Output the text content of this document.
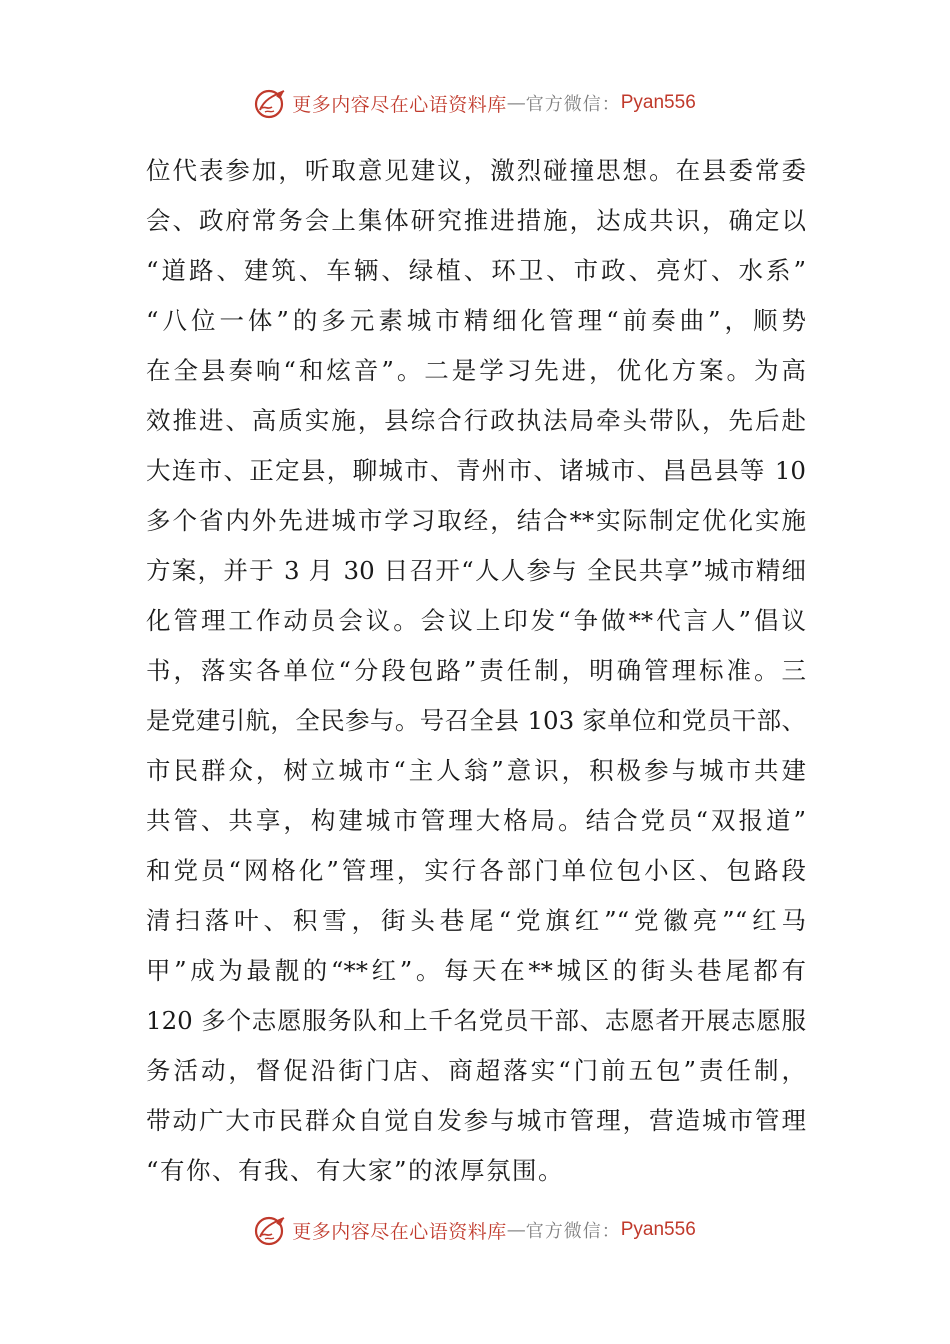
更多内容尽在心语资料库 — 官方微信： Pyan556
位代表参加，听取意见建议，激烈碰撞思想。在县委常委
会、政府常务会上集体研究推进措施，达成共识，确定以
“道路、建筑、车辆、绿植、环卫、市政、亮灯、水系”
“八位一体”的多元素城市精细化管理“前奏曲”，顺势
在全县奏响“和炫音”。二是学习先进，优化方案。为高
效推进、高质实施，县综合行政执法局牵头带队，先后赴
大连市、正定县，聊城市、青州市、诸城市、昌邑县等 10
多个省内外先进城市学习取经，结合**实际制定优化实施
方案，并于 3 月 30 日召开“人人参与 全民共享”城市精细
化管理工作动员会议。会议上印发“争做**代言人”倡议
书，落实各单位“分段包路”责任制，明确管理标准。三
是党建引航，全民参与。号召全县 103 家单位和党员干部、
市民群众，树立城市“主人翁”意识，积极参与城市共建
共管、共享，构建城市管理大格局。结合党员“双报道”
和党员“网格化”管理，实行各部门单位包小区、包路段
清扫落叶、积雪，街头巷尾“党旗红”“党徽亮”“红马
甲”成为最靓的“**红”。每天在**城区的街头巷尾都有
120 多个志愿服务队和上千名党员干部、志愿者开展志愿服
务活动，督促沿街门店、商超落实“门前五包”责任制，
带动广大市民群众自觉自发参与城市管理，营造城市管理
“有你、有我、有大家”的浓厚氛围。
更多内容尽在心语资料库 — 官方微信： Pyan556
